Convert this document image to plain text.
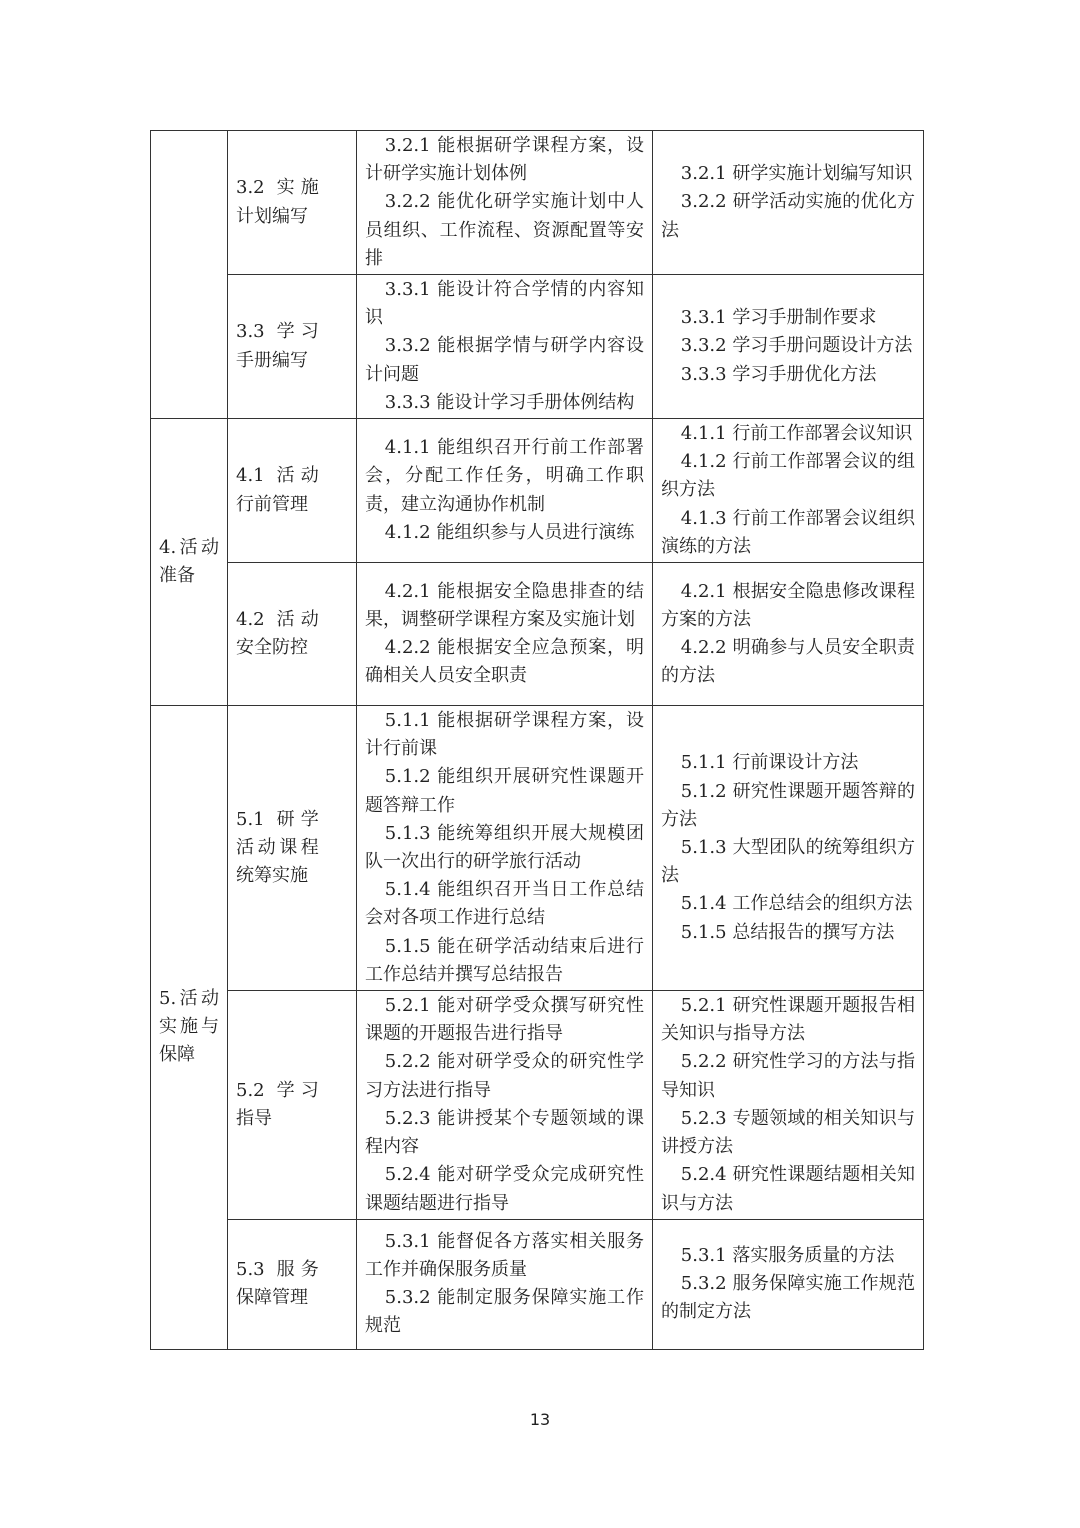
	3.2 实施计划编写	3.2.1 能根据研学课程方案，设计研学实施计划体例
3.2.2 能优化研学实施计划中人员组织、工作流程、资源配置等安排	3.2.1 研学实施计划编写知识
3.2.2 研学活动实施的优化方法

	3.3 学习手册编写	3.3.1 能设计符合学情的内容知识
3.3.2 能根据学情与研学内容设计问题
3.3.3 能设计学习手册体例结构	3.3.1 学习手册制作要求
3.3.2 学习手册问题设计方法
3.3.3 学习手册优化方法

4.活动准备	4.1 活动行前管理	4.1.1 能组织召开行前工作部署会，分配工作任务，明确工作职责，建立沟通协作机制
4.1.2 能组织参与人员进行演练	4.1.1 行前工作部署会议知识
4.1.2 行前工作部署会议的组织方法
4.1.3 行前工作部署会议组织演练的方法

	4.2 活动安全防控	4.2.1 能根据安全隐患排查的结果，调整研学课程方案及实施计划
4.2.2 能根据安全应急预案，明确相关人员安全职责	4.2.1 根据安全隐患修改课程方案的方法
4.2.2 明确参与人员安全职责的方法

5.活动实施与保障	5.1 研学活动课程统筹实施	5.1.1 能根据研学课程方案，设计行前课
5.1.2 能组织开展研究性课题开题答辩工作
5.1.3 能统筹组织开展大规模团队一次出行的研学旅行活动
5.1.4 能组织召开当日工作总结会对各项工作进行总结
5.1.5 能在研学活动结束后进行工作总结并撰写总结报告	5.1.1 行前课设计方法
5.1.2 研究性课题开题答辩的方法
5.1.3 大型团队的统筹组织方法
5.1.4 工作总结会的组织方法
5.1.5 总结报告的撰写方法

	5.2 学习指导	5.2.1 能对研学受众撰写研究性课题的开题报告进行指导
5.2.2 能对研学受众的研究性学习方法进行指导
5.2.3 能讲授某个专题领域的课程内容
5.2.4 能对研学受众完成研究性课题结题进行指导	5.2.1 研究性课题开题报告相关知识与指导方法
5.2.2 研究性学习的方法与指导知识
5.2.3 专题领域的相关知识与讲授方法
5.2.4 研究性课题结题相关知识与方法

	5.3 服务保障管理	5.3.1 能督促各方落实相关服务工作并确保服务质量
5.3.2 能制定服务保障实施工作规范	5.3.1 落实服务质量的方法
5.3.2 服务保障实施工作规范的制定方法
13
